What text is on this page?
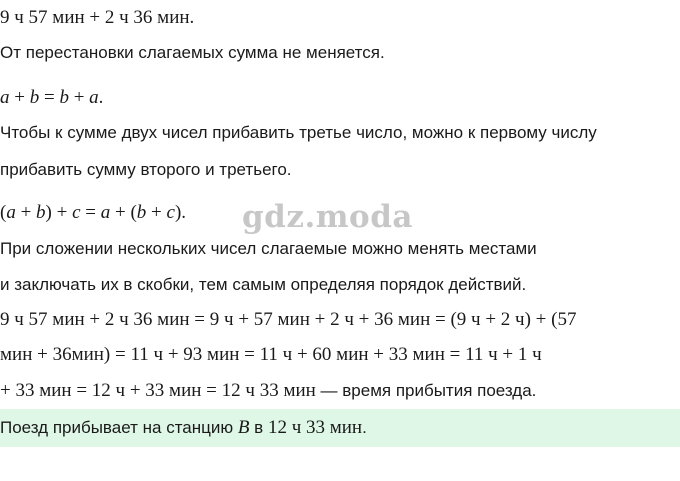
9 ч 57 мин + 2 ч 36 мин.
От перестановки слагаемых сумма не меняется.
a + b = b + a.
Чтобы к сумме двух чисел прибавить третье число, можно к первому числу
прибавить сумму второго и третьего.
(a + b) + c = a + (b + c). gdz.moda
При сложении нескольких чисел слагаемые можно менять местами
и заключать их в скобки, тем самым определяя порядок действий.
9 ч 57 мин + 2 ч 36 мин = 9 ч + 57 мин + 2 ч + 36 мин = (9 ч + 2 ч) + (57
мин + 36мин) = 11 ч + 93 мин = 11 ч + 60 мин + 33 мин = 11 ч + 1 ч
+ 33 мин = 12 ч + 33 мин = 12 ч 33 мин — время прибытия поезда.
Поезд прибывает на станцию B в 12 ч 33 мин.
